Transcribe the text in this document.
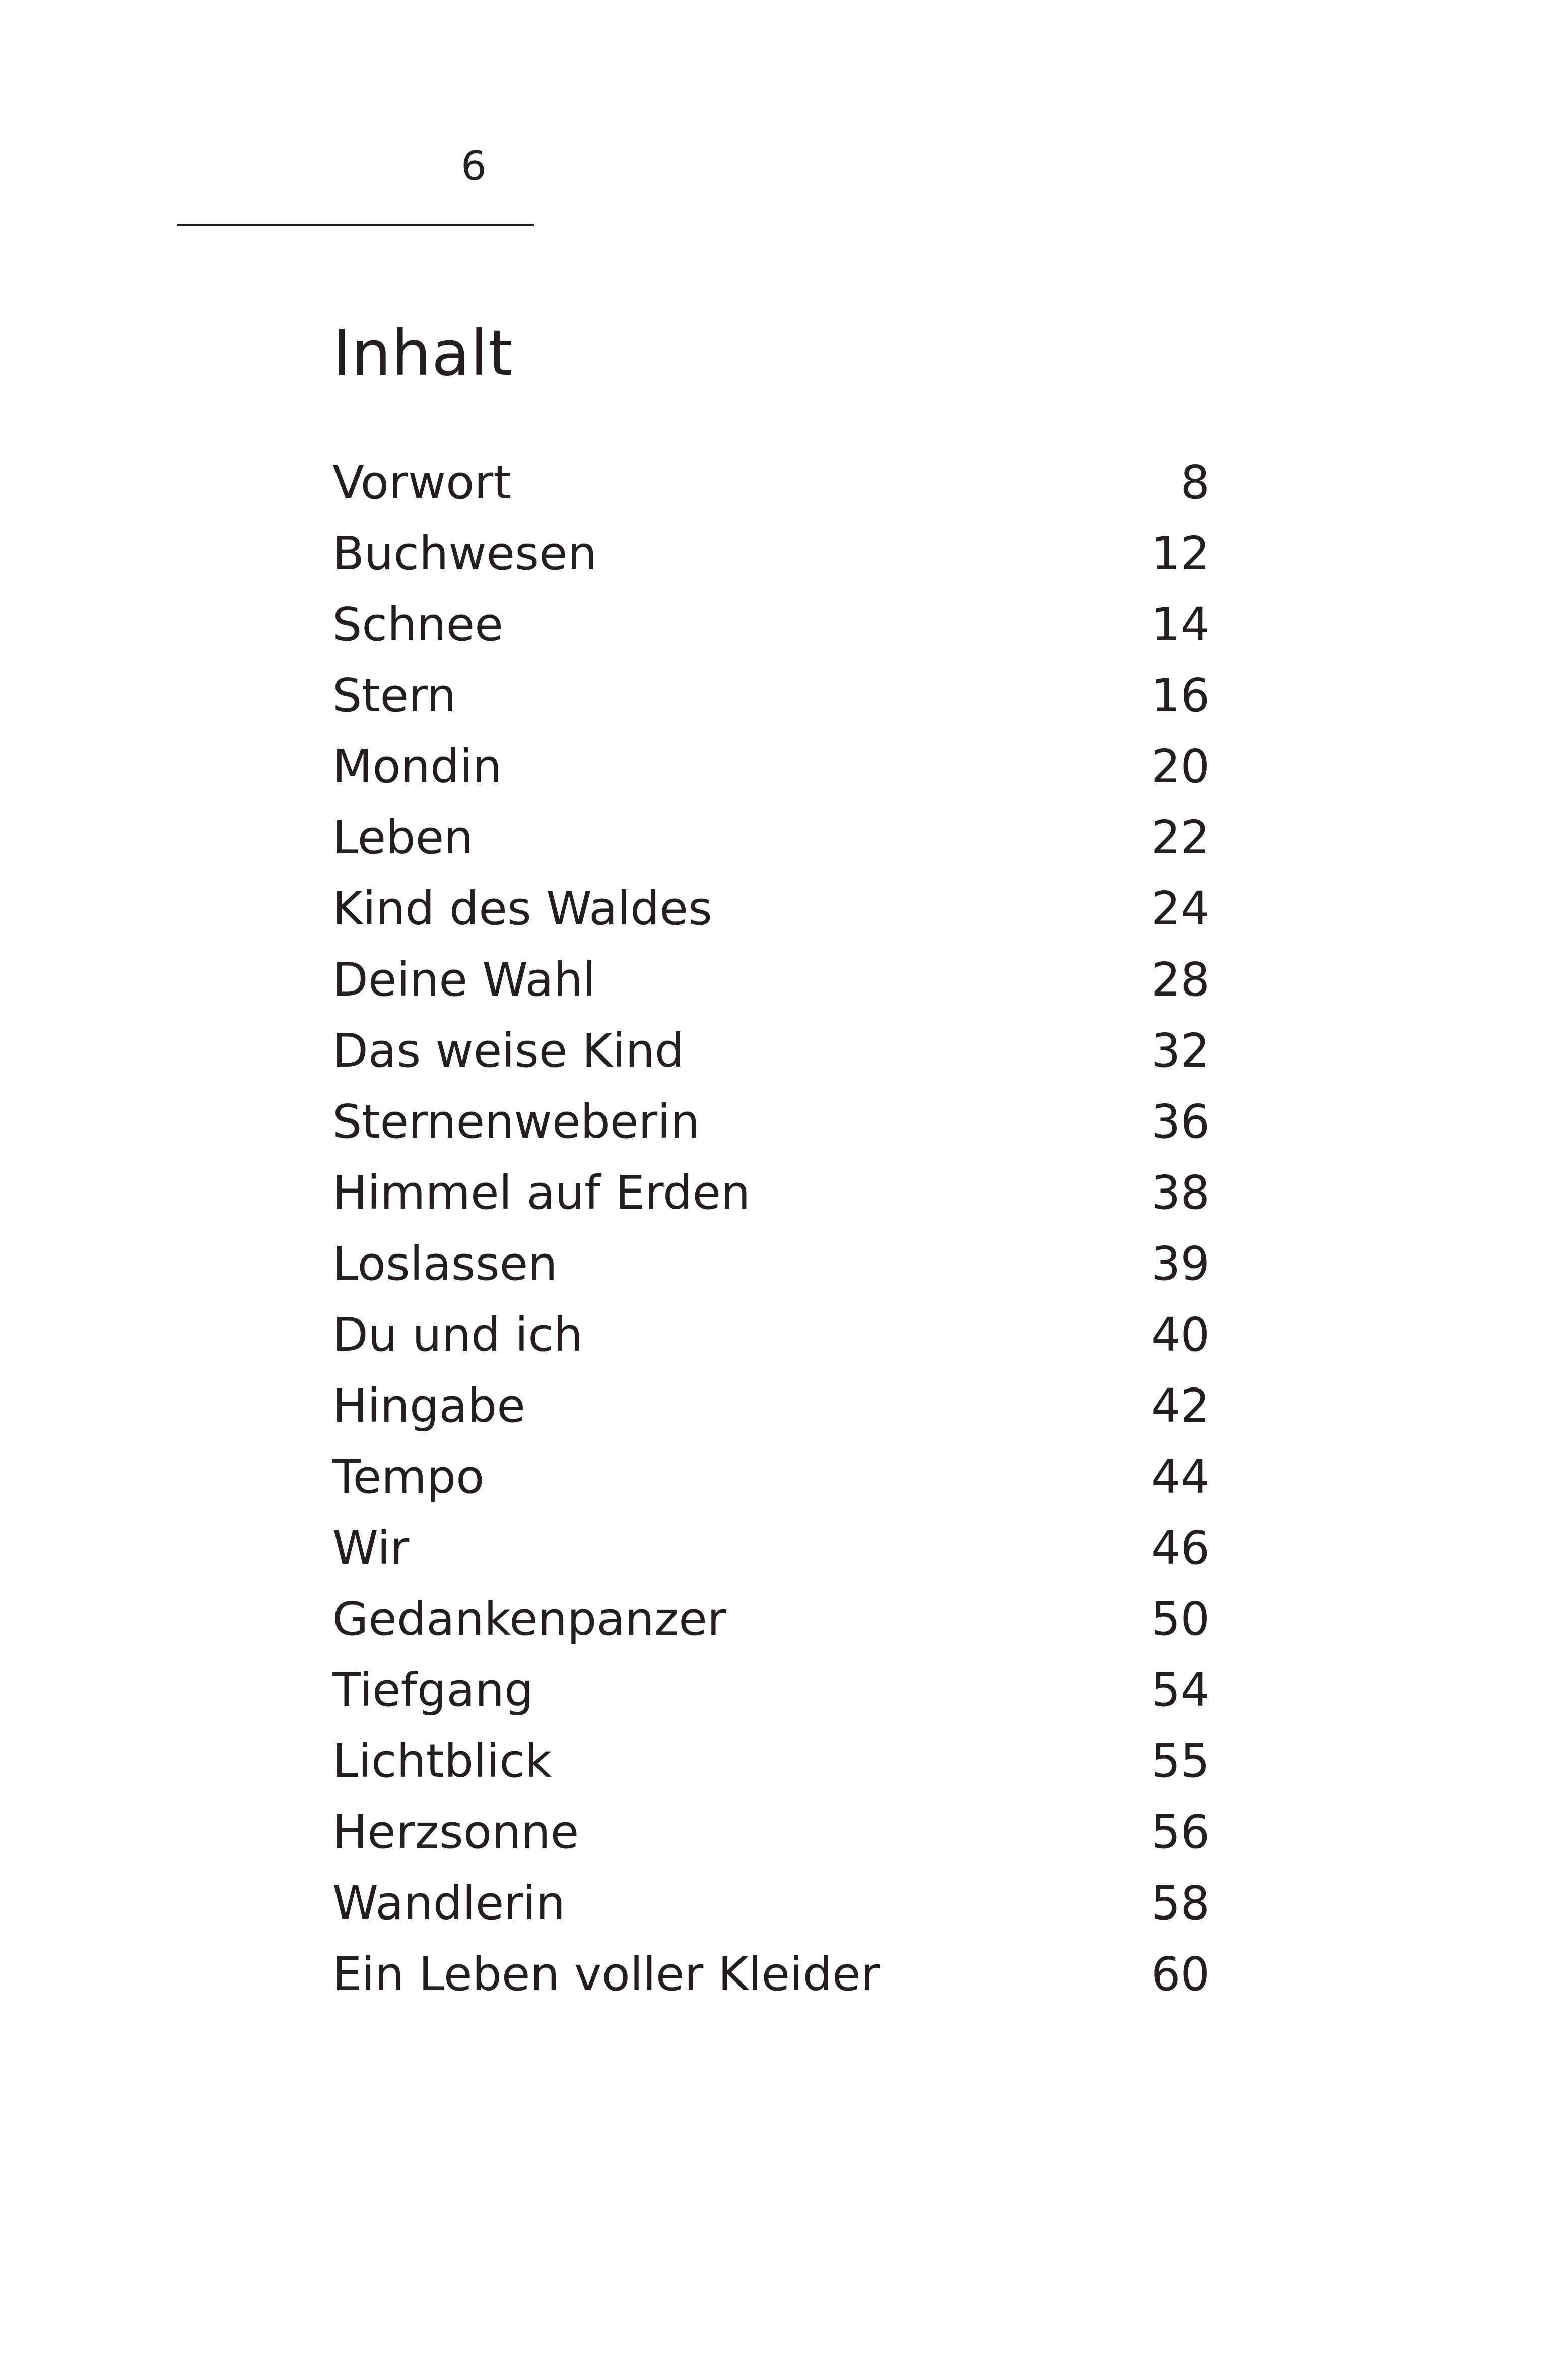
6
Inhalt
Vorwort	8
Buchwesen	12
Schnee	14
Stern	16
Mondin	20
Leben	22
Kind des Waldes	24
Deine Wahl	28
Das weise Kind	32
Sternenweberin	36
Himmel auf Erden	38
Loslassen	39
Du und ich	40
Hingabe	42
Tempo	44
Wir	46
Gedankenpanzer	50
Tiefgang	54
Lichtblick	55
Herzsonne	56
Wandlerin	58
Ein Leben voller Kleider	60
